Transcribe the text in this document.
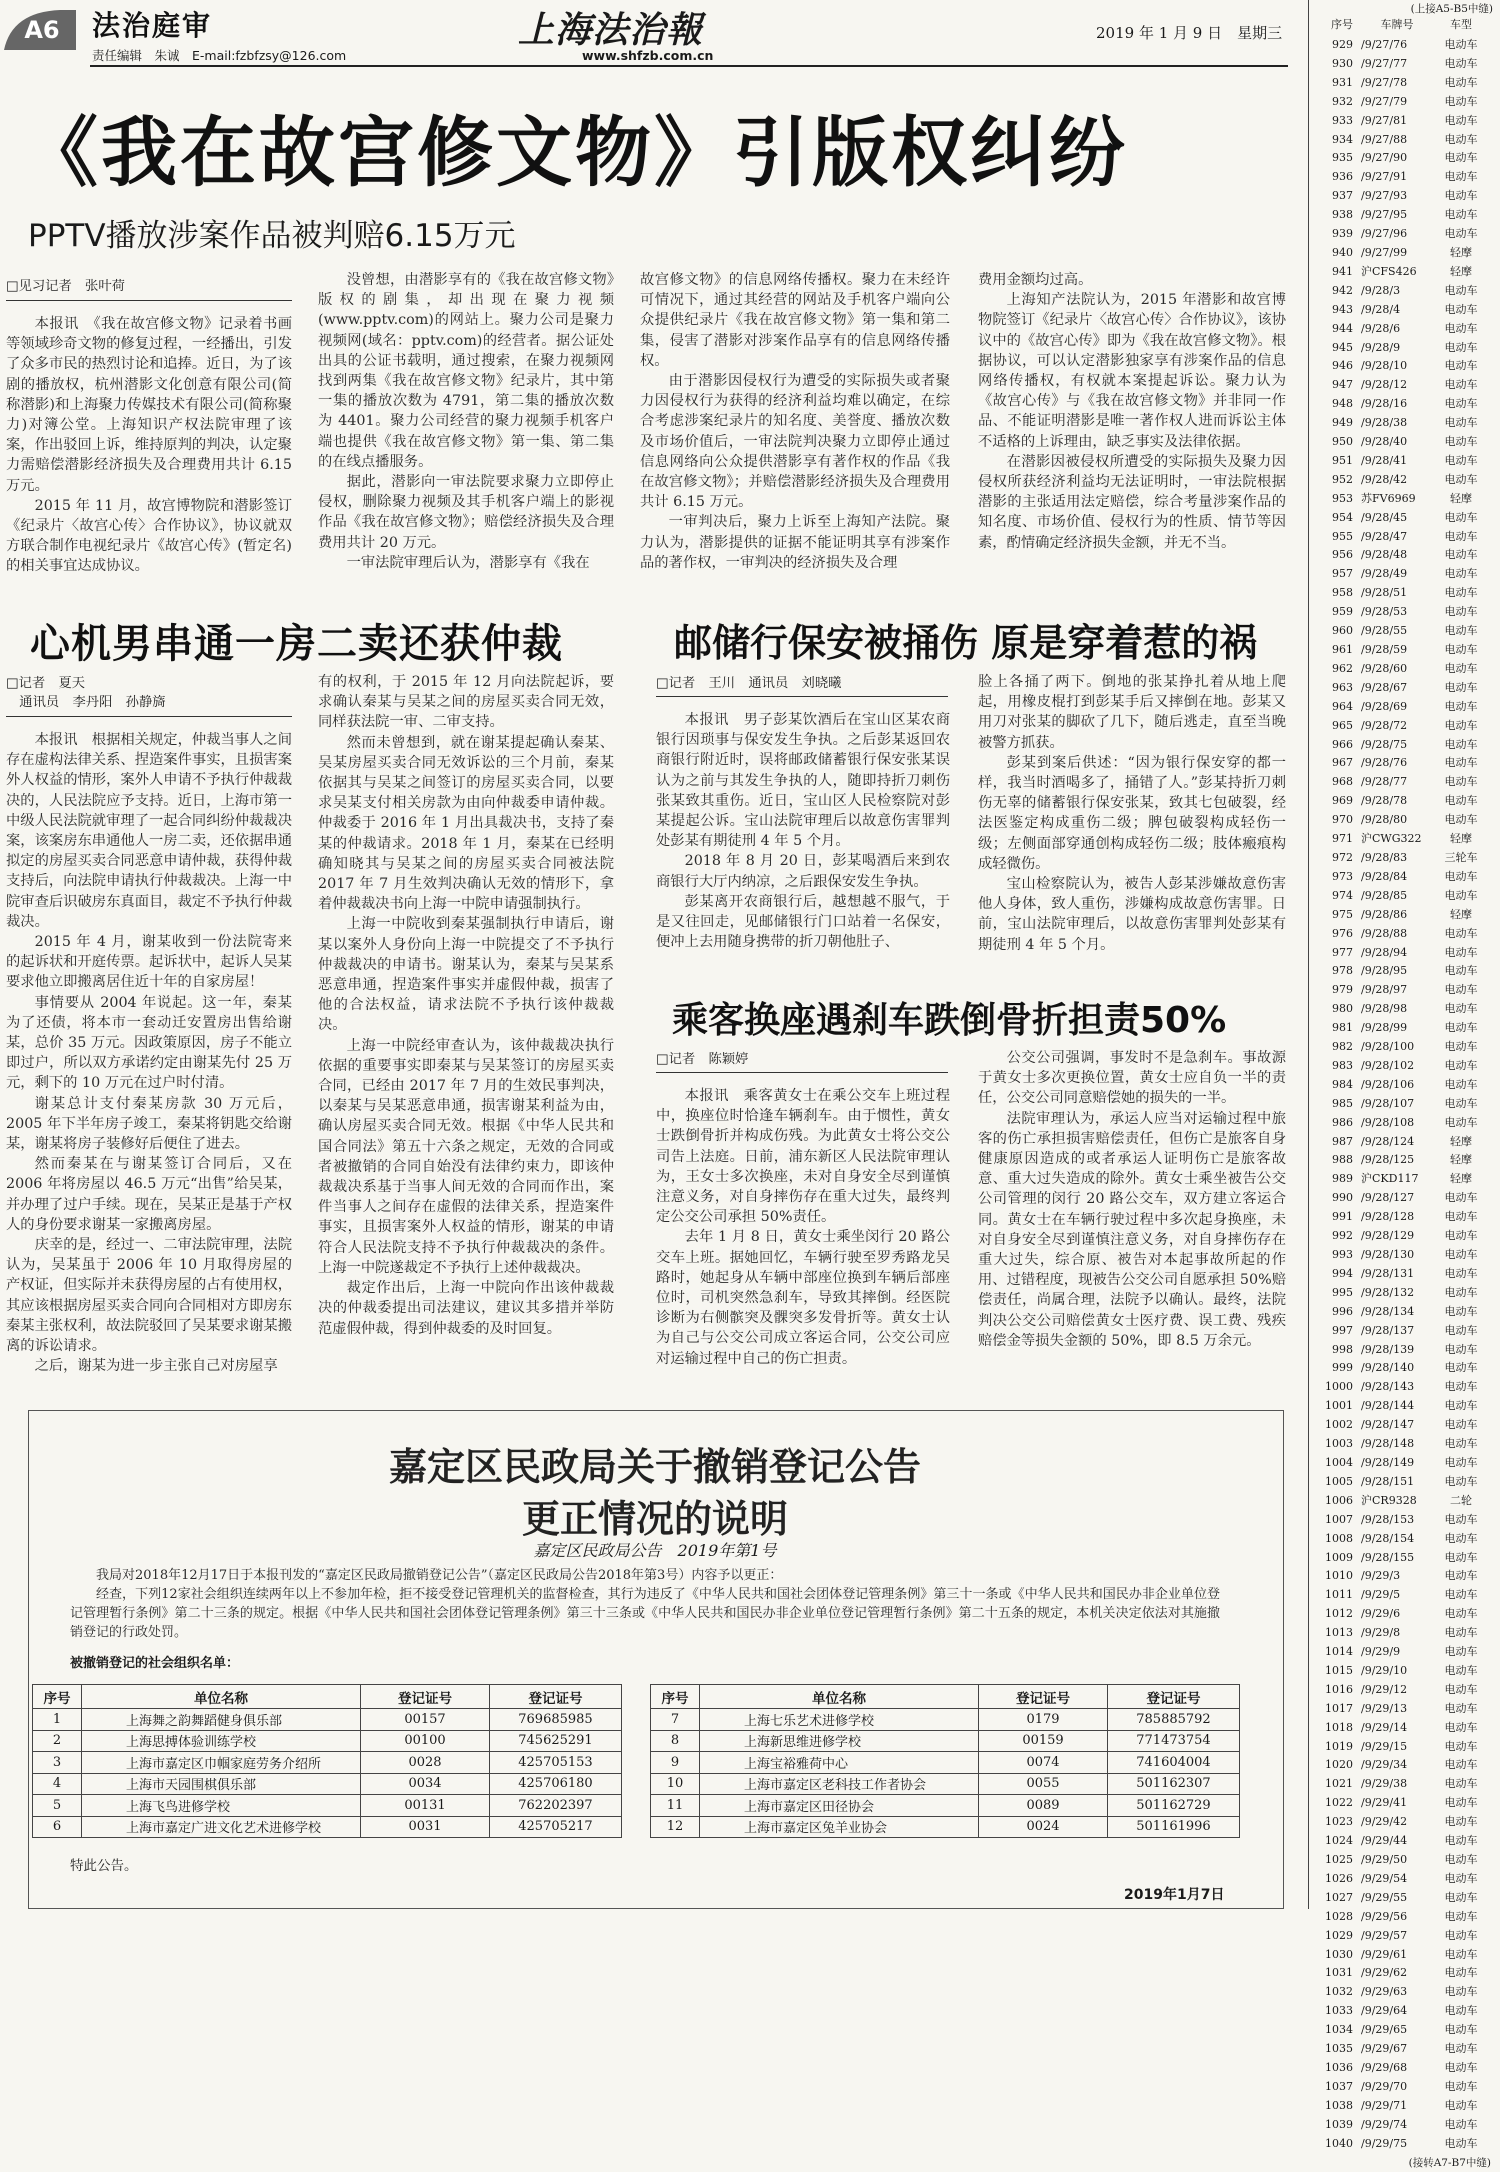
A6 法治庭审
责任编辑　朱诚　E-mail:fzbfzsy@126.com
上海法治報
www.shfzb.com.cn
2019 年 1 月 9 日　星期三
《我在故宫修文物》引版权纠纷
PPTV播放涉案作品被判赔6.15万元
□见习记者　张叶荷

本报讯　《我在故宫修文物》记录着书画等领域珍奇文物的修复过程，一经播出，引发了众多市民的热烈讨论和追捧。近日，为了该剧的播放权，杭州潜影文化创意有限公司(简称潜影)和上海聚力传媒技术有限公司(简称聚力)对簿公堂。上海知识产权法院审理了该案，作出驳回上诉，维持原判的判决，认定聚力需赔偿潜影经济损失及合理费用共计 6.15 万元。

2015 年 11 月，故宫博物院和潜影签订《纪录片〈故宫心传〉合作协议》，协议就双方联合制作电视纪录片《故宫心传》(暂定名)的相关事宜达成协议。

没曾想，由潜影享有的《我在故宫修文物》版权的剧集，却出现在聚力视频(www.pptv.com)的网站上。聚力公司是聚力视频网(域名：pptv.com)的经营者。据公证处出具的公证书载明，通过搜索，在聚力视频网找到两集《我在故宫修文物》纪录片，其中第一集的播放次数为 4791，第二集的播放次数为 4401。聚力公司经营的聚力视频手机客户端也提供《我在故宫修文物》第一集、第二集的在线点播服务。

据此，潜影向一审法院要求聚力立即停止侵权，删除聚力视频及其手机客户端上的影视作品《我在故宫修文物》；赔偿经济损失及合理费用共计 20 万元。

一审法院审理后认为，潜影享有《我在

故宫修文物》的信息网络传播权。聚力在未经许可情况下，通过其经营的网站及手机客户端向公众提供纪录片《我在故宫修文物》第一集和第二集，侵害了潜影对涉案作品享有的信息网络传播权。

由于潜影因侵权行为遭受的实际损失或者聚力因侵权行为获得的经济利益均难以确定，在综合考虑涉案纪录片的知名度、美誉度、播放次数及市场价值后，一审法院判决聚力立即停止通过信息网络向公众提供潜影享有著作权的作品《我在故宫修文物》；并赔偿潜影经济损失及合理费用共计 6.15 万元。

一审判决后，聚力上诉至上海知产法院。聚力认为，潜影提供的证据不能证明其享有涉案作品的著作权，一审判决的经济损失及合理

费用金额均过高。

上海知产法院认为，2015 年潜影和故宫博物院签订《纪录片〈故宫心传〉合作协议》，该协议中的《故宫心传》即为《我在故宫修文物》。根据协议，可以认定潜影独家享有涉案作品的信息网络传播权，有权就本案提起诉讼。聚力认为《故宫心传》与《我在故宫修文物》并非同一作品、不能证明潜影是唯一著作权人进而诉讼主体不适格的上诉理由，缺乏事实及法律依据。

在潜影因被侵权所遭受的实际损失及聚力因侵权所获经济利益均无法证明时，一审法院根据潜影的主张适用法定赔偿，综合考量涉案作品的知名度、市场价值、侵权行为的性质、情节等因素，酌情确定经济损失金额，并无不当。

心机男串通一房二卖还获仲裁
□记者　夏天
　通讯员　李丹阳　孙静旖

本报讯　根据相关规定，仲裁当事人之间存在虚构法律关系、捏造案件事实，且损害案外人权益的情形，案外人申请不予执行仲裁裁决的，人民法院应予支持。近日，上海市第一中级人民法院就审理了一起合同纠纷仲裁裁决案，该案房东串通他人一房二卖，还依据串通拟定的房屋买卖合同恶意申请仲裁，获得仲裁支持后，向法院申请执行仲裁裁决。上海一中院审查后识破房东真面目，裁定不予执行仲裁裁决。

2015 年 4 月，谢某收到一份法院寄来的起诉状和开庭传票。起诉状中，起诉人吴某要求他立即搬离居住近十年的自家房屋！

事情要从 2004 年说起。这一年，秦某为了还债，将本市一套动迁安置房出售给谢某，总价 35 万元。因政策原因，房子不能立即过户，所以双方承诺约定由谢某先付 25 万元，剩下的 10 万元在过户时付清。

谢某总计支付秦某房款 30 万元后，2005 年下半年房子竣工，秦某将钥匙交给谢某，谢某将房子装修好后便住了进去。

然而秦某在与谢某签订合同后，又在 2006 年将房屋以 46.5 万元“出售”给吴某，并办理了过户手续。现在，吴某正是基于产权人的身份要求谢某一家搬离房屋。

庆幸的是，经过一、二审法院审理，法院认为，吴某虽于 2006 年 10 月取得房屋的产权证，但实际并未获得房屋的占有使用权，其应该根据房屋买卖合同向合同相对方即房东秦某主张权利，故法院驳回了吴某要求谢某搬离的诉讼请求。

之后，谢某为进一步主张自己对房屋享

有的权利，于 2015 年 12 月向法院起诉，要求确认秦某与吴某之间的房屋买卖合同无效，同样获法院一审、二审支持。

然而未曾想到，就在谢某提起确认秦某、吴某房屋买卖合同无效诉讼的三个月前，秦某依据其与吴某之间签订的房屋买卖合同，以要求吴某支付相关房款为由向仲裁委申请仲裁。仲裁委于 2016 年 1 月出具裁决书，支持了秦某的仲裁请求。2018 年 1 月，秦某在已经明确知晓其与吴某之间的房屋买卖合同被法院 2017 年 7 月生效判决确认无效的情形下，拿着仲裁裁决书向上海一中院申请强制执行。

上海一中院收到秦某强制执行申请后，谢某以案外人身份向上海一中院提交了不予执行仲裁裁决的申请书。谢某认为，秦某与吴某系恶意串通，捏造案件事实并虚假仲裁，损害了他的合法权益，请求法院不予执行该仲裁裁决。

上海一中院经审查认为，该仲裁裁决执行依据的重要事实即秦某与吴某签订的房屋买卖合同，已经由 2017 年 7 月的生效民事判决，以秦某与吴某恶意串通，损害谢某利益为由，确认房屋买卖合同无效。根据《中华人民共和国合同法》第五十六条之规定，无效的合同或者被撤销的合同自始没有法律约束力，即该仲裁裁决系基于当事人间无效的合同而作出，案件当事人之间存在虚假的法律关系，捏造案件事实，且损害案外人权益的情形，谢某的申请符合人民法院支持不予执行仲裁裁决的条件。上海一中院遂裁定不予执行上述仲裁裁决。

裁定作出后，上海一中院向作出该仲裁裁决的仲裁委提出司法建议，建议其多措并举防范虚假仲裁，得到仲裁委的及时回复。

邮储行保安被捅伤 原是穿着惹的祸
□记者　王川　通讯员　刘晓曦

本报讯　男子彭某饮酒后在宝山区某农商银行因琐事与保安发生争执。之后彭某返回农商银行附近时，误将邮政储蓄银行保安张某误认为之前与其发生争执的人，随即持折刀刺伤张某致其重伤。近日，宝山区人民检察院对彭某提起公诉。宝山法院审理后以故意伤害罪判处彭某有期徒刑 4 年 5 个月。

2018 年 8 月 20 日，彭某喝酒后来到农商银行大厅内纳凉，之后跟保安发生争执。

彭某离开农商银行后，越想越不服气，于是又往回走，见邮储银行门口站着一名保安，便冲上去用随身携带的折刀朝他肚子、

脸上各捅了两下。倒地的张某挣扎着从地上爬起，用橡皮棍打到彭某手后又摔倒在地。彭某又用刀对张某的脚砍了几下，随后逃走，直至当晚被警方抓获。

彭某到案后供述：“因为银行保安穿的都一样，我当时酒喝多了，捅错了人。”彭某持折刀刺伤无辜的储蓄银行保安张某，致其七包破裂，经法医鉴定构成重伤二级；脾包破裂构成轻伤一级；左侧面部穿通创构成轻伤二级；肢体瘢痕构成轻微伤。

宝山检察院认为，被告人彭某涉嫌故意伤害他人身体，致人重伤，涉嫌构成故意伤害罪。日前，宝山法院审理后，以故意伤害罪判处彭某有期徒刑 4 年 5 个月。

乘客换座遇刹车跌倒骨折担责50%
□记者　陈颖婷

本报讯　乘客黄女士在乘公交车上班过程中，换座位时恰逢车辆刹车。由于惯性，黄女士跌倒骨折并构成伤残。为此黄女士将公交公司告上法庭。日前，浦东新区人民法院审理认为，王女士多次换座，未对自身安全尽到谨慎注意义务，对自身摔伤存在重大过失，最终判定公交公司承担 50%责任。

去年 1 月 8 日，黄女士乘坐闵行 20 路公交车上班。据她回忆，车辆行驶至罗秀路龙吴路时，她起身从车辆中部座位换到车辆后部座位时，司机突然急刹车，导致其摔倒。经医院诊断为右侧髌突及髁突多发骨折等。黄女士认为自己与公交公司成立客运合同，公交公司应对运输过程中自己的伤亡担责。

公交公司强调，事发时不是急刹车。事故源于黄女士多次更换位置，黄女士应自负一半的责任，公交公司同意赔偿她的损失的一半。

法院审理认为，承运人应当对运输过程中旅客的伤亡承担损害赔偿责任，但伤亡是旅客自身健康原因造成的或者承运人证明伤亡是旅客故意、重大过失造成的除外。黄女士乘坐被告公交公司管理的闵行 20 路公交车，双方建立客运合同。黄女士在车辆行驶过程中多次起身换座，未对自身安全尽到谨慎注意义务，对自身摔伤存在重大过失，综合原、被告对本起事故所起的作用、过错程度，现被告公交公司自愿承担 50%赔偿责任，尚属合理，法院予以确认。最终，法院判决公交公司赔偿黄女士医疗费、误工费、残疾赔偿金等损失金额的 50%，即 8.5 万余元。

嘉定区民政局关于撤销登记公告
更正情况的说明
嘉定区民政局公告　2019年第1号

我局对2018年12月17日于本报刊发的“嘉定区民政局撤销登记公告”（嘉定区民政局公告2018年第3号）内容予以更正：

经查，下列12家社会组织连续两年以上不参加年检，拒不接受登记管理机关的监督检查，其行为违反了《中华人民共和国社会团体登记管理条例》第三十一条或《中华人民共和国民办非企业单位登记管理暂行条例》第二十三条的规定。根据《中华人民共和国社会团体登记管理条例》第三十三条或《中华人民共和国民办非企业单位登记管理暂行条例》第二十五条的规定，本机关决定依法对其施撤销登记的行政处罚。

被撤销登记的社会组织名单：
序号	单位名称	登记证号	登记证号
1	上海舞之韵舞蹈健身俱乐部	00157	769685985
2	上海思搏体验训练学校	00100	745625291
3	上海市嘉定区巾帼家庭劳务介绍所	0028	425705153
4	上海市天园围棋俱乐部	0034	425706180
5	上海飞鸟进修学校	00131	762202397
6	上海市嘉定广进文化艺术进修学校	0031	425705217
序号	单位名称	登记证号	登记证号
7	上海七乐艺术进修学校	0179	785885792
8	上海新思维进修学校	00159	771473754
9	上海宝裕雅荷中心	0074	741604004
10	上海市嘉定区老科技工作者协会	0055	501162307
11	上海市嘉定区田径协会	0089	501162729
12	上海市嘉定区兔羊业协会	0024	501161996
特此公告。
2019年1月7日
(上接A5-B5中缝)
序号	车牌号	车型
929 /9/27/76	电动车
930 /9/27/77	电动车
931 /9/27/78	电动车
932 /9/27/79	电动车
933 /9/27/81	电动车
934 /9/27/88	电动车
935 /9/27/90	电动车
936 /9/27/91	电动车
937 /9/27/93	电动车
938 /9/27/95	电动车
939 /9/27/96	电动车
940 /9/27/99	轻摩
941 沪CFS426	轻摩
942 /9/28/3	电动车
943 /9/28/4	电动车
944 /9/28/6	电动车
945 /9/28/9	电动车
946 /9/28/10	电动车
947 /9/28/12	电动车
948 /9/28/16	电动车
949 /9/28/38	电动车
950 /9/28/40	电动车
951 /9/28/41	电动车
952 /9/28/42	电动车
953 苏FV6969	轻摩
954 /9/28/45	电动车
955 /9/28/47	电动车
956 /9/28/48	电动车
957 /9/28/49	电动车
958 /9/28/51	电动车
959 /9/28/53	电动车
960 /9/28/55	电动车
961 /9/28/59	电动车
962 /9/28/60	电动车
963 /9/28/67	电动车
964 /9/28/69	电动车
965 /9/28/72	电动车
966 /9/28/75	电动车
967 /9/28/76	电动车
968 /9/28/77	电动车
969 /9/28/78	电动车
970 /9/28/80	电动车
971 沪CWG322	轻摩
972 /9/28/83	三轮车
973 /9/28/84	电动车
974 /9/28/85	电动车
975 /9/28/86	轻摩
976 /9/28/88	电动车
977 /9/28/94	电动车
978 /9/28/95	电动车
979 /9/28/97	电动车
980 /9/28/98	电动车
981 /9/28/99	电动车
982 /9/28/100	电动车
983 /9/28/102	电动车
984 /9/28/106	电动车
985 /9/28/107	电动车
986 /9/28/108	电动车
987 /9/28/124	轻摩
988 /9/28/125	轻摩
989 沪CKD117	轻摩
990 /9/28/127	电动车
991 /9/28/128	电动车
992 /9/28/129	电动车
993 /9/28/130	电动车
994 /9/28/131	电动车
995 /9/28/132	电动车
996 /9/28/134	电动车
997 /9/28/137	电动车
998 /9/28/139	电动车
999 /9/28/140	电动车
1000 /9/28/143	电动车
1001 /9/28/144	电动车
1002 /9/28/147	电动车
1003 /9/28/148	电动车
1004 /9/28/149	电动车
1005 /9/28/151	电动车
1006 沪CR9328	二轮
1007 /9/28/153	电动车
1008 /9/28/154	电动车
1009 /9/28/155	电动车
1010 /9/29/3	电动车
1011 /9/29/5	电动车
1012 /9/29/6	电动车
1013 /9/29/8	电动车
1014 /9/29/9	电动车
1015 /9/29/10	电动车
1016 /9/29/12	电动车
1017 /9/29/13	电动车
1018 /9/29/14	电动车
1019 /9/29/15	电动车
1020 /9/29/34	电动车
1021 /9/29/38	电动车
1022 /9/29/41	电动车
1023 /9/29/42	电动车
1024 /9/29/44	电动车
1025 /9/29/50	电动车
1026 /9/29/54	电动车
1027 /9/29/55	电动车
1028 /9/29/56	电动车
1029 /9/29/57	电动车
1030 /9/29/61	电动车
1031 /9/29/62	电动车
1032 /9/29/63	电动车
1033 /9/29/64	电动车
1034 /9/29/65	电动车
1035 /9/29/67	电动车
1036 /9/29/68	电动车
1037 /9/29/70	电动车
1038 /9/29/71	电动车
1039 /9/29/74	电动车
1040 /9/29/75	电动车
(接转A7-B7中缝)
